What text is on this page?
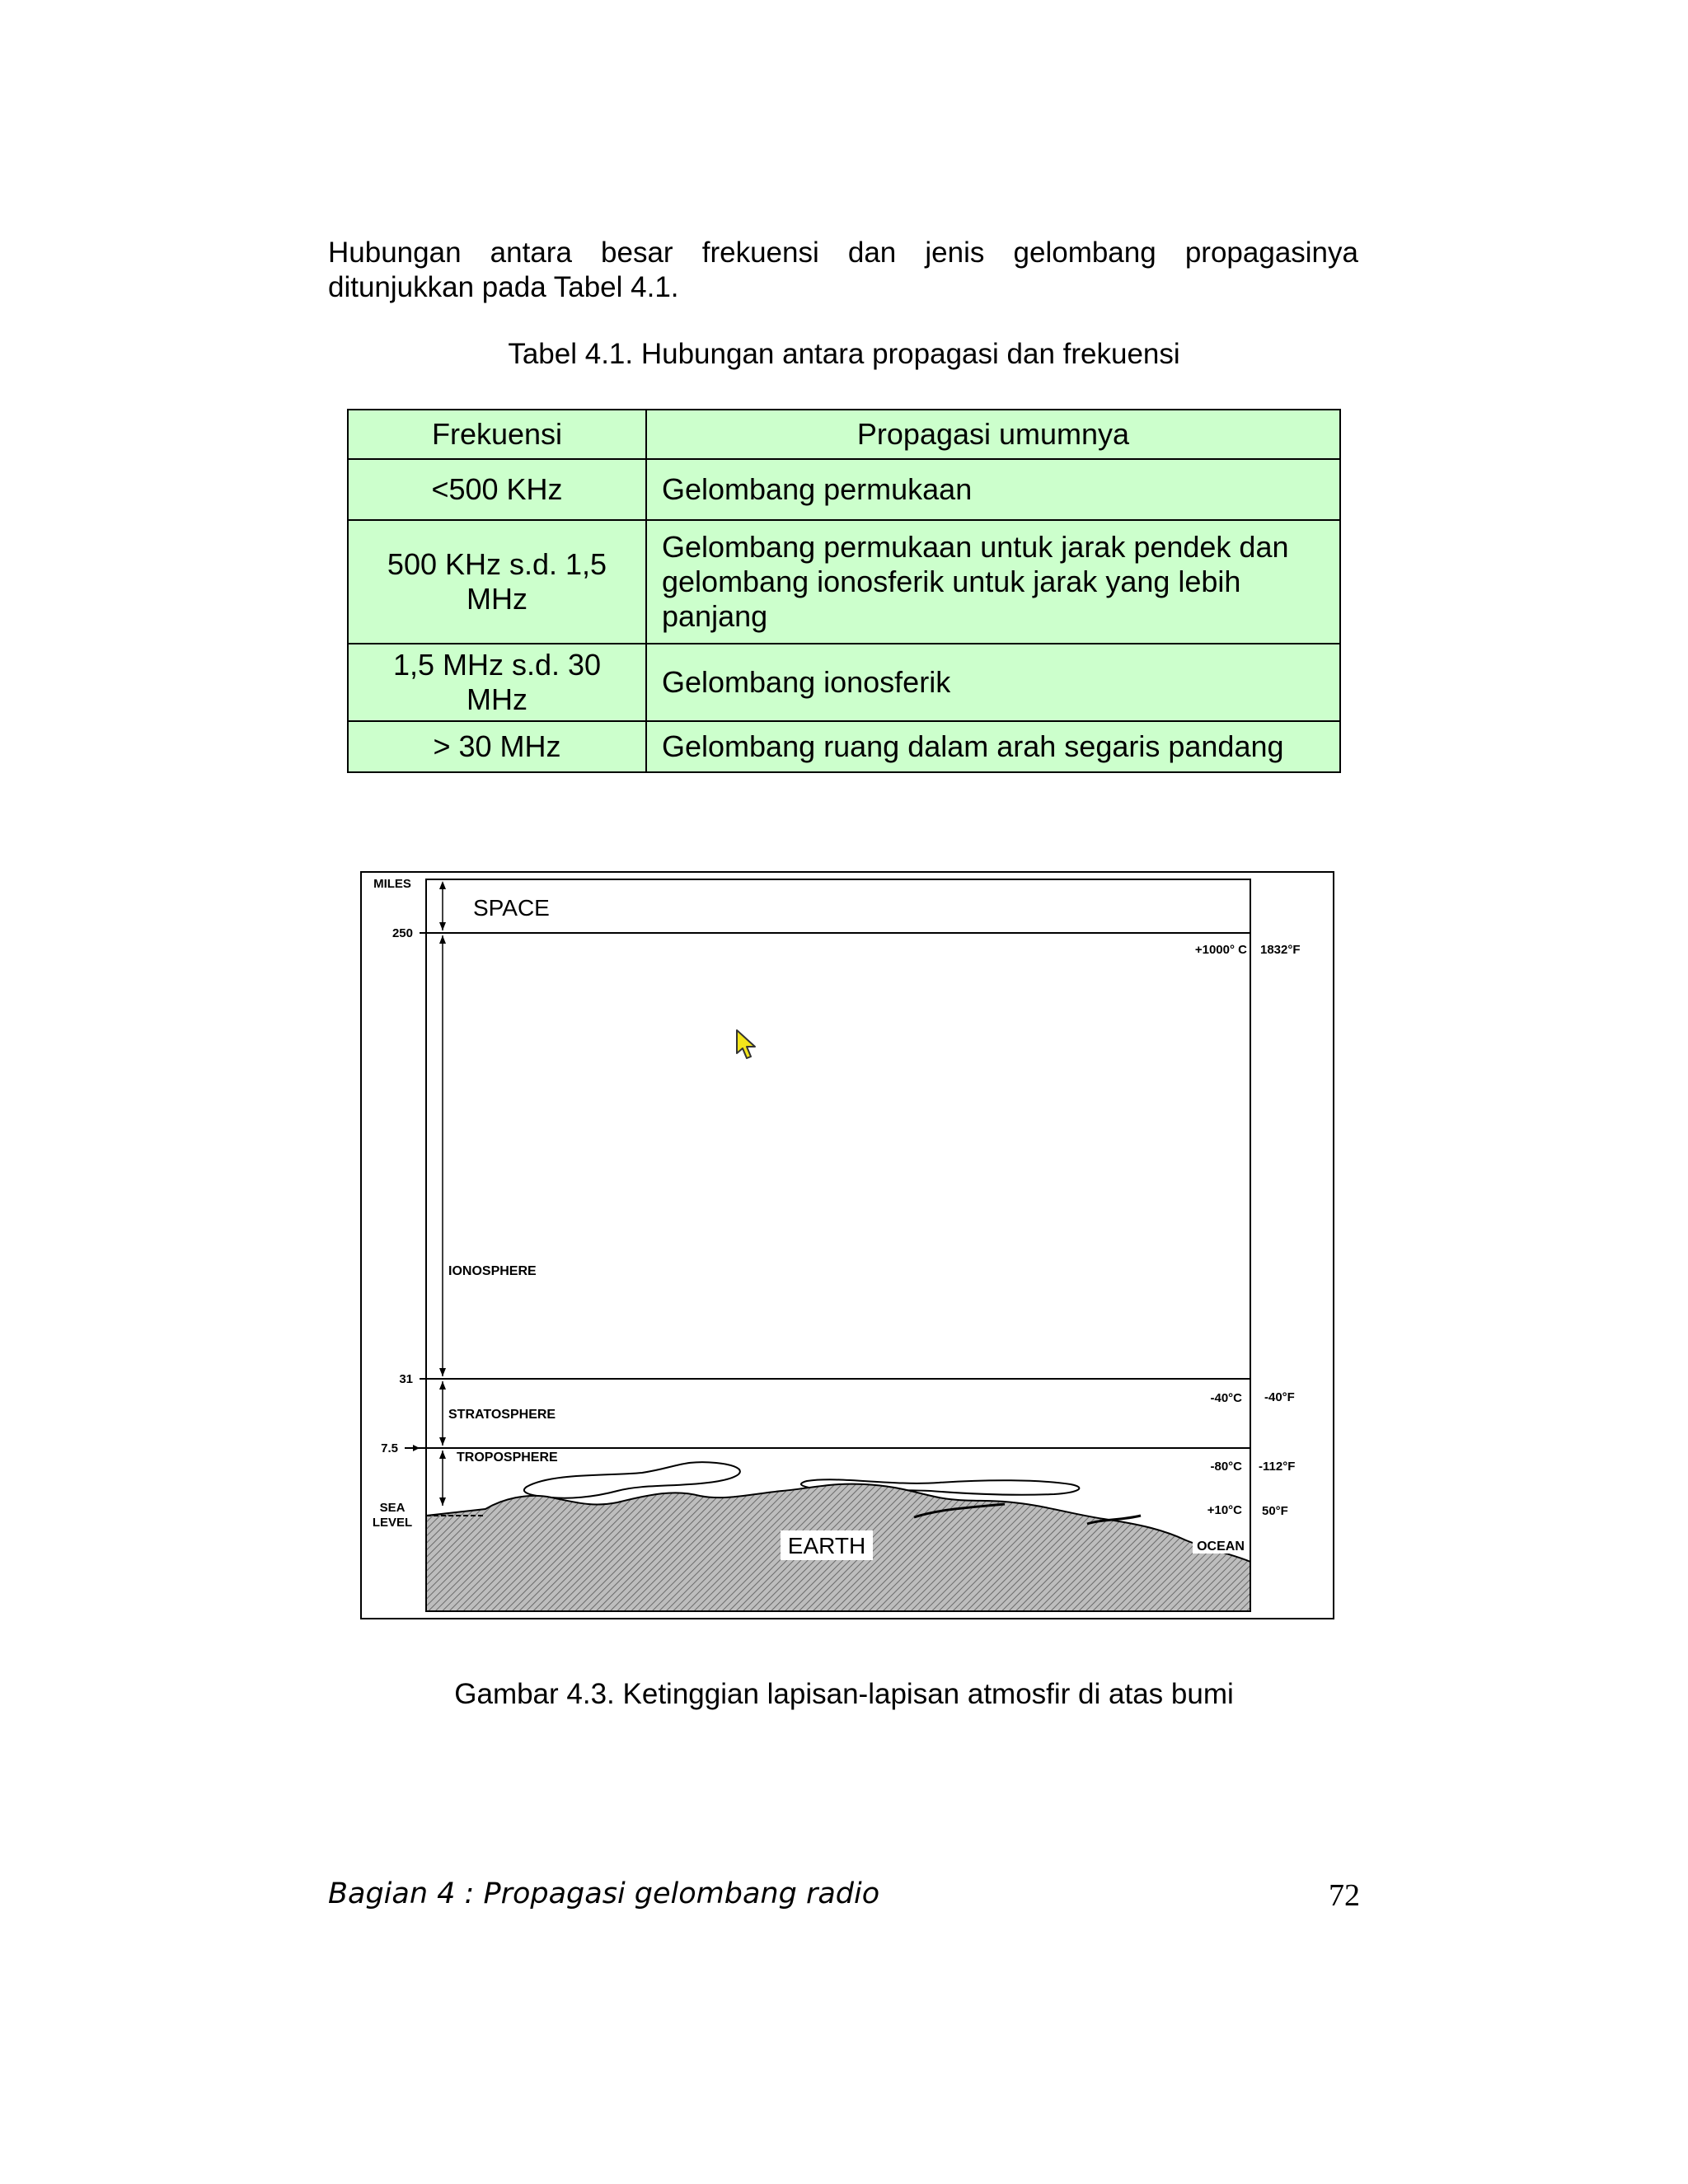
Hubungan antara besar frekuensi dan jenis gelombang propagasinya ditunjukkan pada Tabel 4.1.

Tabel 4.1. Hubungan antara propagasi dan frekuensi
Frekuensi	Propagasi umumnya
<500 KHz	Gelombang permukaan
500 KHz s.d. 1,5 MHz	Gelombang permukaan untuk jarak pendek dan gelombang ionosferik untuk jarak yang lebih panjang
1,5 MHz s.d. 30 MHz	Gelombang ionosferik
> 30 MHz	Gelombang ruang dalam arah segaris pandang
MILES
250
31
7.5
SEA
LEVEL
SPACE
IONOSPHERE
STRATOSPHERE
TROPOSPHERE
EARTH	OCEAN
+1000° C
-40°C
-80°C
+10°C
1832°F
-40°F
-112°F
50°F
Gambar 4.3. Ketinggian lapisan-lapisan atmosfir di atas bumi
Bagian 4 : Propagasi gelombang radio	72
